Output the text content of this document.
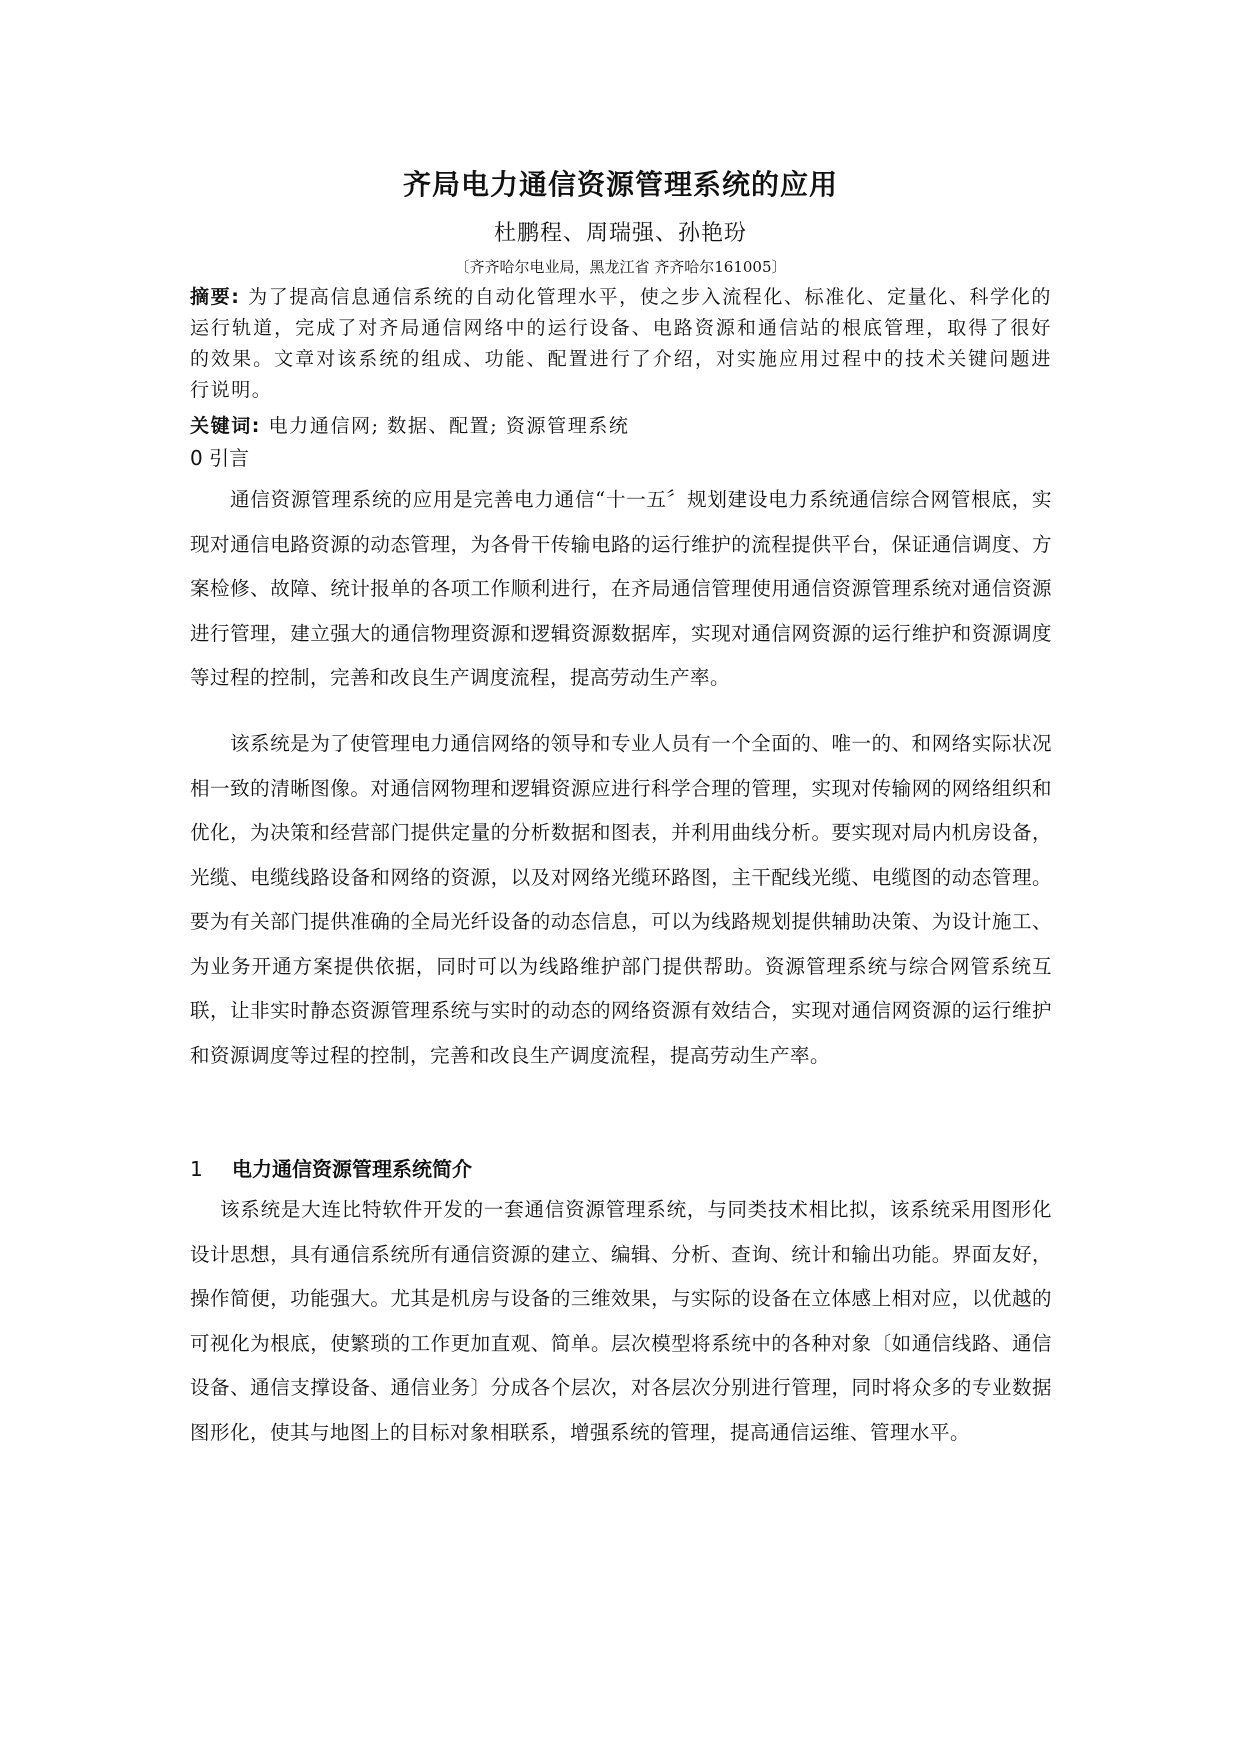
齐局电力通信资源管理系统的应用
杜鹏程、周瑞强、孙艳玢
〔齐齐哈尔电业局，黑龙江省 齐齐哈尔161005〕
摘要: 为了提高信息通信系统的自动化管理水平，使之步入流程化、标准化、定量化、科学化的运行轨道，完成了对齐局通信网络中的运行设备、电路资源和通信站的根底管理，取得了很好的效果。文章对该系统的组成、功能、配置进行了介绍，对实施应用过程中的技术关键问题进行说明。
关键词: 电力通信网; 数据、配置; 资源管理系统
0 引言
通信资源管理系统的应用是完善电力通信“十一五〞规划建设电力系统通信综合网管根底，实现对通信电路资源的动态管理，为各骨干传输电路的运行维护的流程提供平台，保证通信调度、方案检修、故障、统计报单的各项工作顺利进行，在齐局通信管理使用通信资源管理系统对通信资源进行管理，建立强大的通信物理资源和逻辑资源数据库，实现对通信网资源的运行维护和资源调度等过程的控制，完善和改良生产调度流程，提高劳动生产率。
该系统是为了使管理电力通信网络的领导和专业人员有一个全面的、唯一的、和网络实际状况相一致的清晰图像。对通信网物理和逻辑资源应进行科学合理的管理，实现对传输网的网络组织和优化，为决策和经营部门提供定量的分析数据和图表，并利用曲线分析。要实现对局内机房设备，光缆、电缆线路设备和网络的资源，以及对网络光缆环路图，主干配线光缆、电缆图的动态管理。要为有关部门提供准确的全局光纤设备的动态信息，可以为线路规划提供辅助决策、为设计施工、为业务开通方案提供依据，同时可以为线路维护部门提供帮助。资源管理系统与综合网管系统互联，让非实时静态资源管理系统与实时的动态的网络资源有效结合，实现对通信网资源的运行维护和资源调度等过程的控制，完善和改良生产调度流程，提高劳动生产率。
1 电力通信资源管理系统简介
该系统是大连比特软件开发的一套通信资源管理系统，与同类技术相比拟，该系统采用图形化设计思想，具有通信系统所有通信资源的建立、编辑、分析、查询、统计和输出功能。界面友好，操作简便，功能强大。尤其是机房与设备的三维效果，与实际的设备在立体感上相对应，以优越的可视化为根底，使繁琐的工作更加直观、简单。层次模型将系统中的各种对象〔如通信线路、通信设备、通信支撑设备、通信业务〕分成各个层次，对各层次分别进行管理，同时将众多的专业数据图形化，使其与地图上的目标对象相联系，增强系统的管理，提高通信运维、管理水平。
